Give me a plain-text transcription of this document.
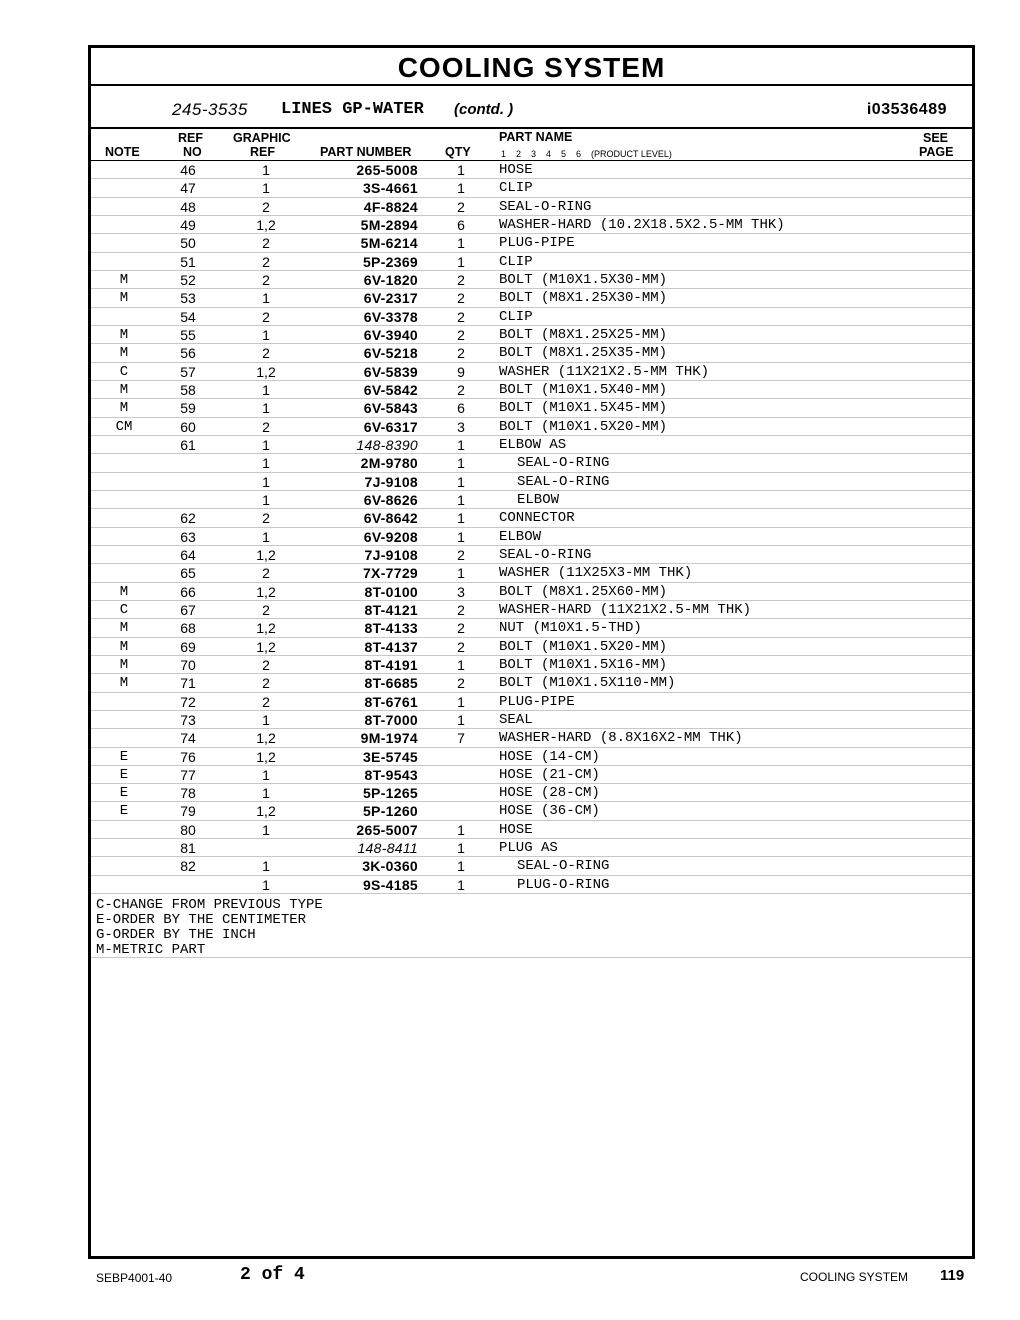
COOLING SYSTEM
245-3535 LINES GP-WATER (contd. )	i03536489
NOTE
REF
NO
GRAPHIC
REF	PART NUMBER	QTY
PART NAME
1    2    3    4    5    6    (PRODUCT LEVEL)
SEE
PAGE
46	1	265-5008	1	HOSE
47	1	3S-4661	1	CLIP
48	2	4F-8824	2	SEAL-O-RING
49	1,2	5M-2894	6	WASHER-HARD (10.2X18.5X2.5-MM THK)
50	2	5M-6214	1	PLUG-PIPE
51	2	5P-2369	1	CLIP
M	52	2	6V-1820	2	BOLT (M10X1.5X30-MM)
M	53	1	6V-2317	2	BOLT (M8X1.25X30-MM)
54	2	6V-3378	2	CLIP
M	55	1	6V-3940	2	BOLT (M8X1.25X25-MM)
M	56	2	6V-5218	2	BOLT (M8X1.25X35-MM)
C	57	1,2	6V-5839	9	WASHER (11X21X2.5-MM THK)
M	58	1	6V-5842	2	BOLT (M10X1.5X40-MM)
M	59	1	6V-5843	6	BOLT (M10X1.5X45-MM)
CM	60	2	6V-6317	3	BOLT (M10X1.5X20-MM)
61	1	148-8390	1	ELBOW AS
1	2M-9780	1	SEAL-O-RING
1	7J-9108	1	SEAL-O-RING
1	6V-8626	1	ELBOW
62	2	6V-8642	1	CONNECTOR
63	1	6V-9208	1	ELBOW
64	1,2	7J-9108	2	SEAL-O-RING
65	2	7X-7729	1	WASHER (11X25X3-MM THK)
M	66	1,2	8T-0100	3	BOLT (M8X1.25X60-MM)
C	67	2	8T-4121	2	WASHER-HARD (11X21X2.5-MM THK)
M	68	1,2	8T-4133	2	NUT (M10X1.5-THD)
M	69	1,2	8T-4137	2	BOLT (M10X1.5X20-MM)
M	70	2	8T-4191	1	BOLT (M10X1.5X16-MM)
M	71	2	8T-6685	2	BOLT (M10X1.5X110-MM)
72	2	8T-6761	1	PLUG-PIPE
73	1	8T-7000	1	SEAL
74	1,2	9M-1974	7	WASHER-HARD (8.8X16X2-MM THK)
E	76	1,2	3E-5745	HOSE (14-CM)
E	77	1	8T-9543	HOSE (21-CM)
E	78	1	5P-1265	HOSE (28-CM)
E	79	1,2	5P-1260	HOSE (36-CM)
80	1	265-5007	1	HOSE
81	148-8411	1	PLUG AS
82	1	3K-0360	1	SEAL-O-RING
1	9S-4185	1	PLUG-O-RING
C-CHANGE FROM PREVIOUS TYPE
E-ORDER BY THE CENTIMETER
G-ORDER BY THE INCH
M-METRIC PART
SEBP4001-40	2 of 4	COOLING SYSTEM 119
